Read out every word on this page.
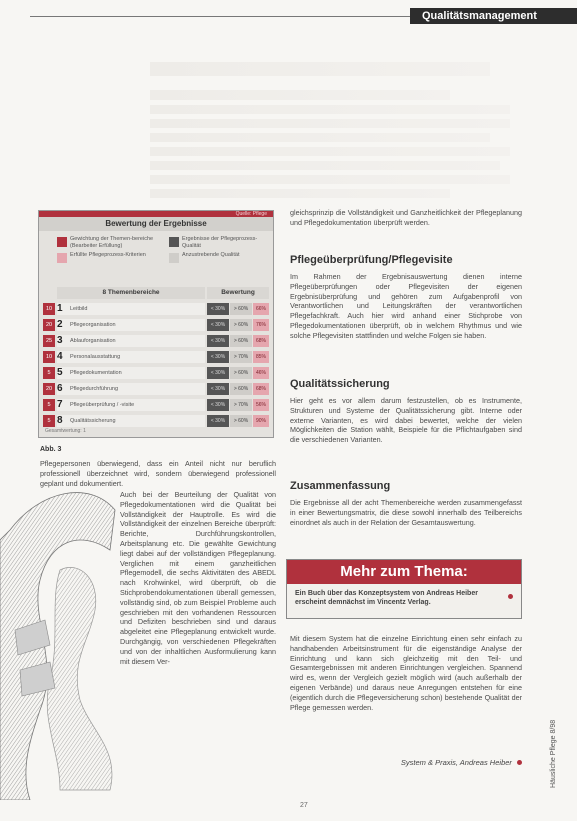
Qualitätsmanagement

Quelle: Pflege
Bewertung der Ergebnisse
Gewichtung der Themen-bereiche (Bearbeiter Erfüllung)
Erfüllte Pflegeprozess-Kriterien
Ergebnisse der Pflegeprozess-Qualität
Anzustrebende Qualität
8 Themenbereiche	Bewertung
10 1	Leitbild	< 30%	> 60%	66%
20 2	Pflegeorganisation	< 30%	> 60%	76%
25 3	Ablauforganisation	< 30%	> 60%	68%
10 4	Personalausstattung	< 30%	> 70%	85%
5 5	Pflegedokumentation	< 30%	> 60%	46%
20 6	Pflegedurchführung	< 30%	> 60%	68%
5 7	Pflegeüberprüfung / -visite	< 30%	> 70%	56%
5 8	Qualitätssicherung	< 30%	> 60%	90%
Gesamtwertung: 1
Abb. 3
Pflegepersonen überwiegend, dass ein Anteil nicht nur beruflich professionell überzeichnet wird, sondern überwiegend professionell geplant und dokumentiert.
Auch bei der Beurteilung der Qualität von Pflegedokumentationen wird die Qualität bei Vollständigkeit der Hauptrolle. Es wird die Vollständigkeit der einzelnen Bereiche überprüft: Berichte, Durchführungskontrollen, Arbeitsplanung etc. Die gewählte Gewichtung liegt dabei auf der vollständigen Pflegeplanung. Verglichen mit einem ganzheitlichen Pflegemodell, die sechs Aktivitäten des ABEDL nach Krohwinkel, wird überprüft, ob die Stichprobendokumentationen überall gemessen, vollständig sind, ob zum Beispiel Probleme auch geschrieben mit den vorhandenen Ressourcen und Defiziten beschrieben sind und daraus abgeleitet eine Pflegeplanung entwickelt wurde. Durchgängig, von verschiedenen Pflegekräften und von der inhaltlichen Ausformulierung kann mit diesem Ver-
gleichsprinzip die Vollständigkeit und Ganzheitlichkeit der Pflegeplanung und Pflegedokumentation überprüft werden.
Pflegeüberprüfung/Pflegevisite
Im Rahmen der Ergebnisauswertung dienen interne Pflegeüberprüfungen oder Pflegevisiten der eigenen Ergebnisüberprüfung und gehören zum Aufgabenprofil von Verantwortlichen und Leitungskräften der verantwortlichen Pflegefachkraft. Auch hier wird anhand einer Stichprobe von Pflegedokumentationen überprüft, ob in welchem Rhythmus und wie solche Pflegevisiten stattfinden und welche Folgen sie haben.
Qualitätssicherung
Hier geht es vor allem darum festzustellen, ob es Instrumente, Strukturen und Systeme der Qualitätssicherung gibt. Interne oder externe Varianten, es wird dabei bewertet, welche der vielen Möglichkeiten die Station wählt, Beispiele für die Pflichtaufgaben sind die verschiedenen Varianten.
Zusammenfassung
Die Ergebnisse all der acht Themenbereiche werden zusammengefasst in einer Bewertungsmatrix, die diese sowohl innerhalb des Teilbereichs einordnet als auch in der Relation der Gesamtauswertung.
Mehr zum Thema:
Ein Buch über das Konzeptsystem von Andreas Heiber erscheint demnächst im Vincentz Verlag.
Mit diesem System hat die einzelne Einrichtung einen sehr einfach zu handhabenden Arbeitsinstrument für die eigenständige Analyse der Einrichtung und kann sich gleichzeitig mit den Teil- und Gesamtergebnissen mit anderen Einrichtungen vergleichen. Spannend wird es, wenn der Vergleich gezielt möglich wird (auch außerhalb der eigenen Verbände) und daraus neue Anregungen entstehen für eine (eigentlich durch die Pflegeversicherung schon) bestehende Qualität der Pflege gemessen werden.
System & Praxis, Andreas Heiber	Häusliche Pflege 8/98
27
